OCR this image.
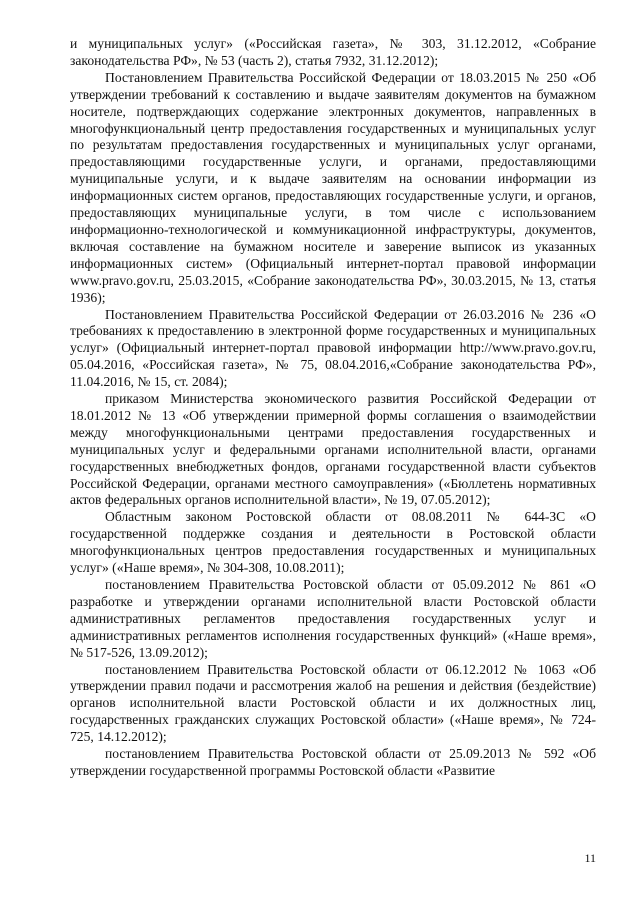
и муниципальных услуг» («Российская газета», № 303, 31.12.2012, «Собрание законодательства РФ», № 53 (часть 2), статья 7932, 31.12.2012);

Постановлением Правительства Российской Федерации от 18.03.2015 № 250 «Об утверждении требований к составлению и выдаче заявителям документов на бумажном носителе, подтверждающих содержание электронных документов, направленных в многофункциональный центр предоставления государственных и муниципальных услуг по результатам предоставления государственных и муниципальных услуг органами, предоставляющими государственные услуги, и органами, предоставляющими муниципальные услуги, и к выдаче заявителям на основании информации из информационных систем органов, предоставляющих государственные услуги, и органов, предоставляющих муниципальные услуги, в том числе с использованием информационно-технологической и коммуникационной инфраструктуры, документов, включая составление на бумажном носителе и заверение выписок из указанных информационных систем» (Официальный интернет-портал правовой информации www.pravo.gov.ru, 25.03.2015, «Собрание законодательства РФ», 30.03.2015, № 13, статья 1936);

Постановлением Правительства Российской Федерации от 26.03.2016 № 236 «О требованиях к предоставлению в электронной форме государственных и муниципальных услуг» (Официальный интернет-портал правовой информации http://www.pravo.gov.ru, 05.04.2016, «Российская газета», № 75, 08.04.2016,«Собрание законодательства РФ», 11.04.2016, № 15, ст. 2084);

приказом Министерства экономического развития Российской Федерации от 18.01.2012 № 13 «Об утверждении примерной формы соглашения о взаимодействии между многофункциональными центрами предоставления государственных и муниципальных услуг и федеральными органами исполнительной власти, органами государственных внебюджетных фондов, органами государственной власти субъектов Российской Федерации, органами местного самоуправления» («Бюллетень нормативных актов федеральных органов исполнительной власти», № 19, 07.05.2012);

Областным законом Ростовской области от 08.08.2011 № 644-ЗС «О государственной поддержке создания и деятельности в Ростовской области многофункциональных центров предоставления государственных и муниципальных услуг» («Наше время», № 304-308, 10.08.2011);

постановлением Правительства Ростовской области от 05.09.2012 № 861 «О разработке и утверждении органами исполнительной власти Ростовской области административных регламентов предоставления государственных услуг и административных регламентов исполнения государственных функций» («Наше время», № 517-526, 13.09.2012);

постановлением Правительства Ростовской области от 06.12.2012 № 1063 «Об утверждении правил подачи и рассмотрения жалоб на решения и действия (бездействие) органов исполнительной власти Ростовской области и их должностных лиц, государственных гражданских служащих Ростовской области» («Наше время», № 724-725, 14.12.2012);

постановлением Правительства Ростовской области от 25.09.2013 № 592 «Об утверждении государственной программы Ростовской области «Развитие

11
